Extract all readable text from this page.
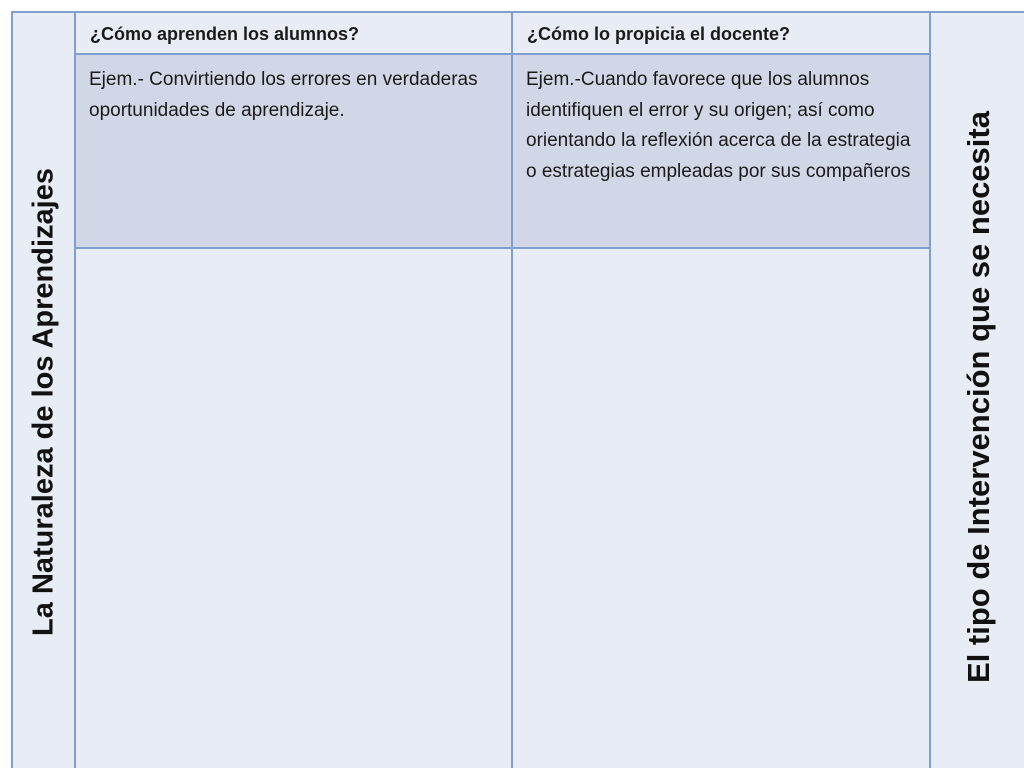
La Naturaleza de los Aprendizajes
¿Cómo aprenden los alumnos?	¿Cómo lo propicia el docente?
Ejem.- Convirtiendo los errores en verdaderas oportunidades de aprendizaje.
Ejem.-Cuando favorece que los alumnos identifiquen el error y su origen; así como orientando la reflexión acerca de la estrategia o estrategias empleadas por sus compañeros El tipo de Intervención que se necesita
